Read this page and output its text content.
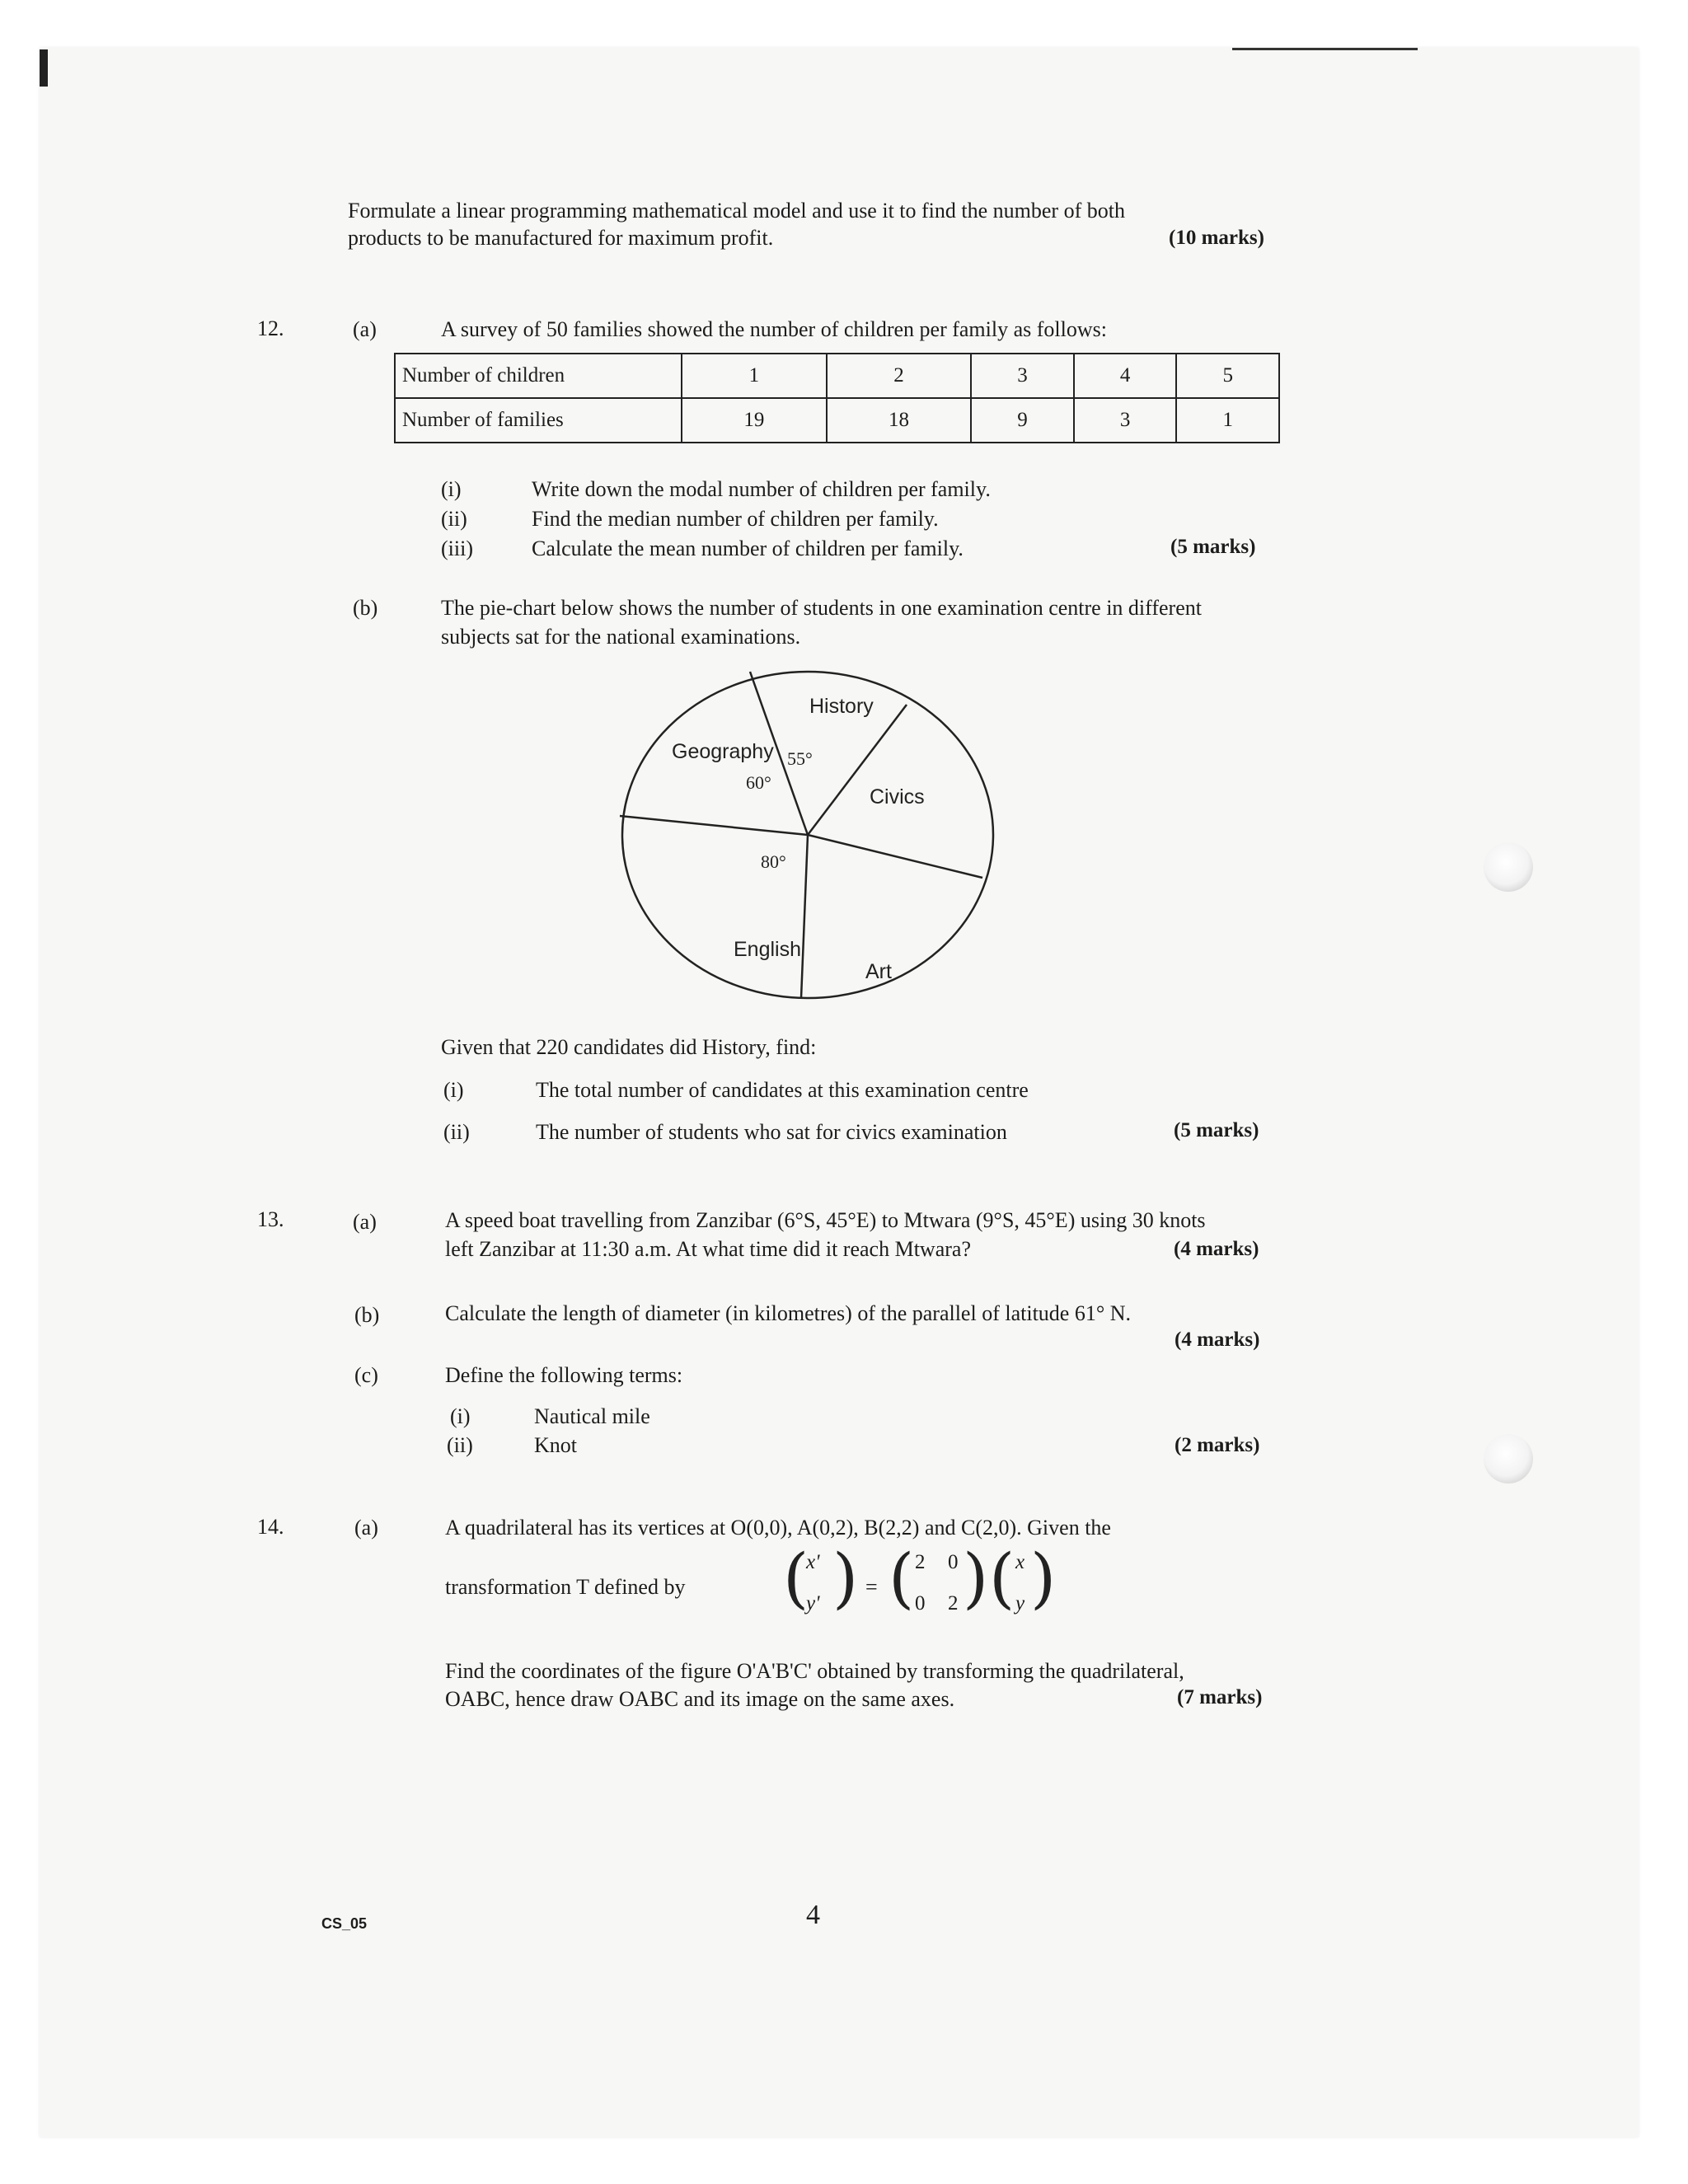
Formulate a linear programming mathematical model and use it to find the number of both
products to be manufactured for maximum profit.	(10 marks)
12.	(a)	A survey of 50 families showed the number of children per family as follows:
Number of children	1	2	3	4	5
Number of families	19	18	9	3	1
(i)	Write down the modal number of children per family.
(ii)	Find the median number of children per family.
(iii)	Calculate the mean number of children per family.	(5 marks)
(b)	The pie-chart below shows the number of students in one examination centre in different
subjects sat for the national examinations.
History
55°
Civics
Art
English
80°
Geography
60°
Given that 220 candidates did History, find:
(i)	The total number of candidates at this examination centre
(ii)	The number of students who sat for civics examination	(5 marks)
13.	(a)	A speed boat travelling from Zanzibar (6°S, 45°E) to Mtwara (9°S, 45°E) using 30 knots
left Zanzibar at 11:30 a.m. At what time did it reach Mtwara?	(4 marks)
(b)	Calculate the length of diameter (in kilometres) of the parallel of latitude 61° N.
(4 marks)
(c)	Define the following terms:
(i)	Nautical mile
(ii)	Knot	(2 marks)
14.	(a)	A quadrilateral has its vertices at O(0,0), A(0,2), B(2,2) and C(2,0). Given the
transformation T defined by (
x'
y' ) = ( 2 0
0 2 ) ( x
y )
Find the coordinates of the figure O'A'B'C' obtained by transforming the quadrilateral,
OABC, hence draw OABC and its image on the same axes.	(7 marks)
CS_05	4
